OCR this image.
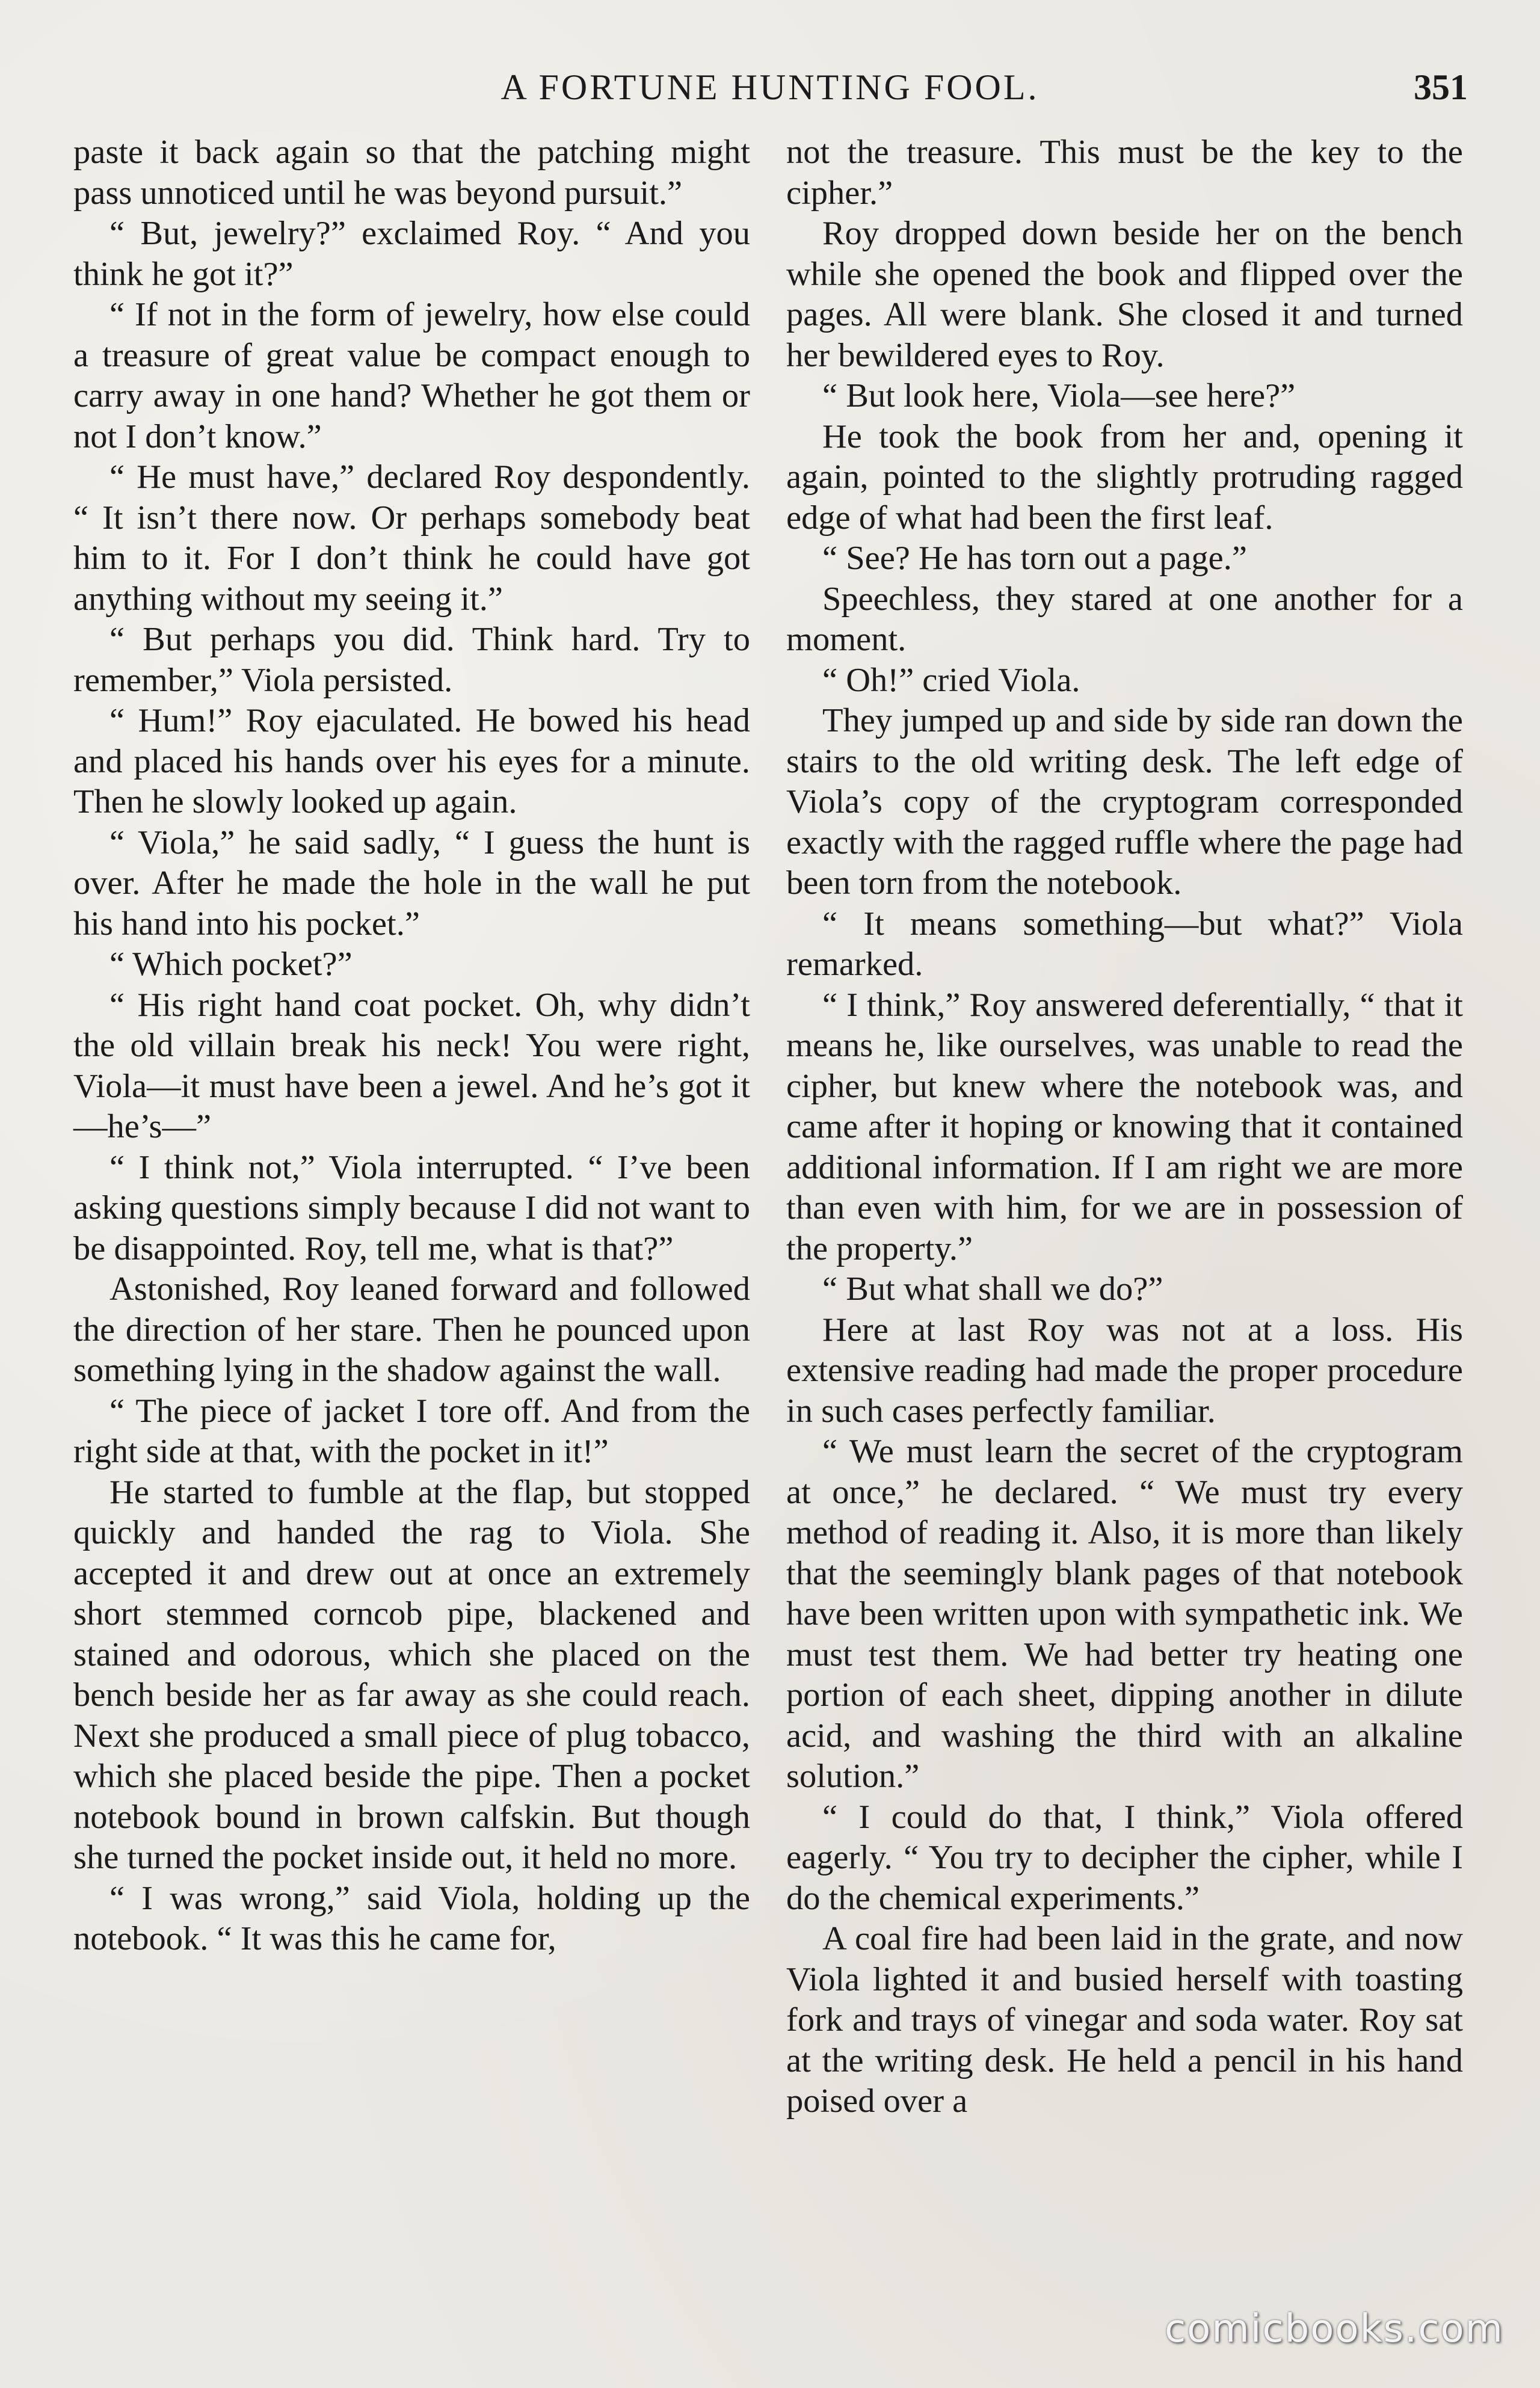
A FORTUNE HUNTING FOOL.	351

paste it back again so that the patching might pass unnoticed until he was beyond pursuit.”

“ But, jewelry?” exclaimed Roy. “ And you think he got it?”

“ If not in the form of jewelry, how else could a treasure of great value be compact enough to carry away in one hand? Whether he got them or not I don’t know.”

“ He must have,” declared Roy despondently. “ It isn’t there now. Or perhaps somebody beat him to it. For I don’t think he could have got anything without my seeing it.”

“ But perhaps you did. Think hard. Try to remember,” Viola persisted.

“ Hum!” Roy ejaculated. He bowed his head and placed his hands over his eyes for a minute. Then he slowly looked up again.

“ Viola,” he said sadly, “ I guess the hunt is over. After he made the hole in the wall he put his hand into his pocket.”

“ Which pocket?”

“ His right hand coat pocket. Oh, why didn’t the old villain break his neck! You were right, Viola—it must have been a jewel. And he’s got it—he’s—”

“ I think not,” Viola interrupted. “ I’ve been asking questions simply because I did not want to be disappointed. Roy, tell me, what is that?”

Astonished, Roy leaned forward and followed the direction of her stare. Then he pounced upon something lying in the shadow against the wall.

“ The piece of jacket I tore off. And from the right side at that, with the pocket in it!”

He started to fumble at the flap, but stopped quickly and handed the rag to Viola. She accepted it and drew out at once an extremely short stemmed corncob pipe, blackened and stained and odorous, which she placed on the bench beside her as far away as she could reach. Next she produced a small piece of plug tobacco, which she placed beside the pipe. Then a pocket notebook bound in brown calfskin. But though she turned the pocket inside out, it held no more.

“ I was wrong,” said Viola, holding up the notebook. “ It was this he came for,

not the treasure. This must be the key to the cipher.”

Roy dropped down beside her on the bench while she opened the book and flipped over the pages. All were blank. She closed it and turned her bewildered eyes to Roy.

“ But look here, Viola—see here?”

He took the book from her and, opening it again, pointed to the slightly protruding ragged edge of what had been the first leaf.

“ See? He has torn out a page.”

Speechless, they stared at one another for a moment.

“ Oh!” cried Viola.

They jumped up and side by side ran down the stairs to the old writing desk. The left edge of Viola’s copy of the cryptogram corresponded exactly with the ragged ruffle where the page had been torn from the notebook.

“ It means something—but what?” Viola remarked.

“ I think,” Roy answered deferentially, “ that it means he, like ourselves, was unable to read the cipher, but knew where the notebook was, and came after it hoping or knowing that it contained additional information. If I am right we are more than even with him, for we are in possession of the property.”

“ But what shall we do?”

Here at last Roy was not at a loss. His extensive reading had made the proper procedure in such cases perfectly familiar.

“ We must learn the secret of the cryptogram at once,” he declared. “ We must try every method of reading it. Also, it is more than likely that the seemingly blank pages of that notebook have been written upon with sympathetic ink. We must test them. We had better try heating one portion of each sheet, dipping another in dilute acid, and washing the third with an alkaline solution.”

“ I could do that, I think,” Viola offered eagerly. “ You try to decipher the cipher, while I do the chemical experiments.”

A coal fire had been laid in the grate, and now Viola lighted it and busied herself with toasting fork and trays of vinegar and soda water. Roy sat at the writing desk. He held a pencil in his hand poised over a

comicbooks.com
